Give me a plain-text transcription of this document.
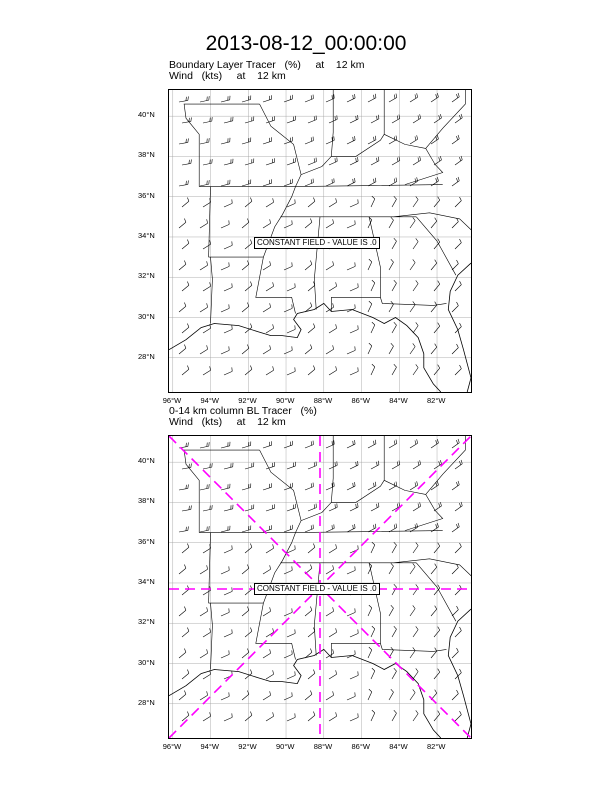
2013-08-12_00:00:00
Boundary Layer Tracer   (%)     at    12 km
Wind   (kts)     at    12 km
CONSTANT FIELD - VALUE IS .0
40°N
38°N
36°N
34°N
32°N
30°N
28°N
96°W	94°W	92°W	90°W	88°W	86°W	84°W	82°W
0-14 km column BL Tracer   (%)
Wind   (kts)     at    12 km
CONSTANT FIELD - VALUE IS .0
40°N
38°N
36°N
34°N
32°N
30°N
28°N
96°W	94°W	92°W	90°W	88°W	86°W	84°W	82°W
